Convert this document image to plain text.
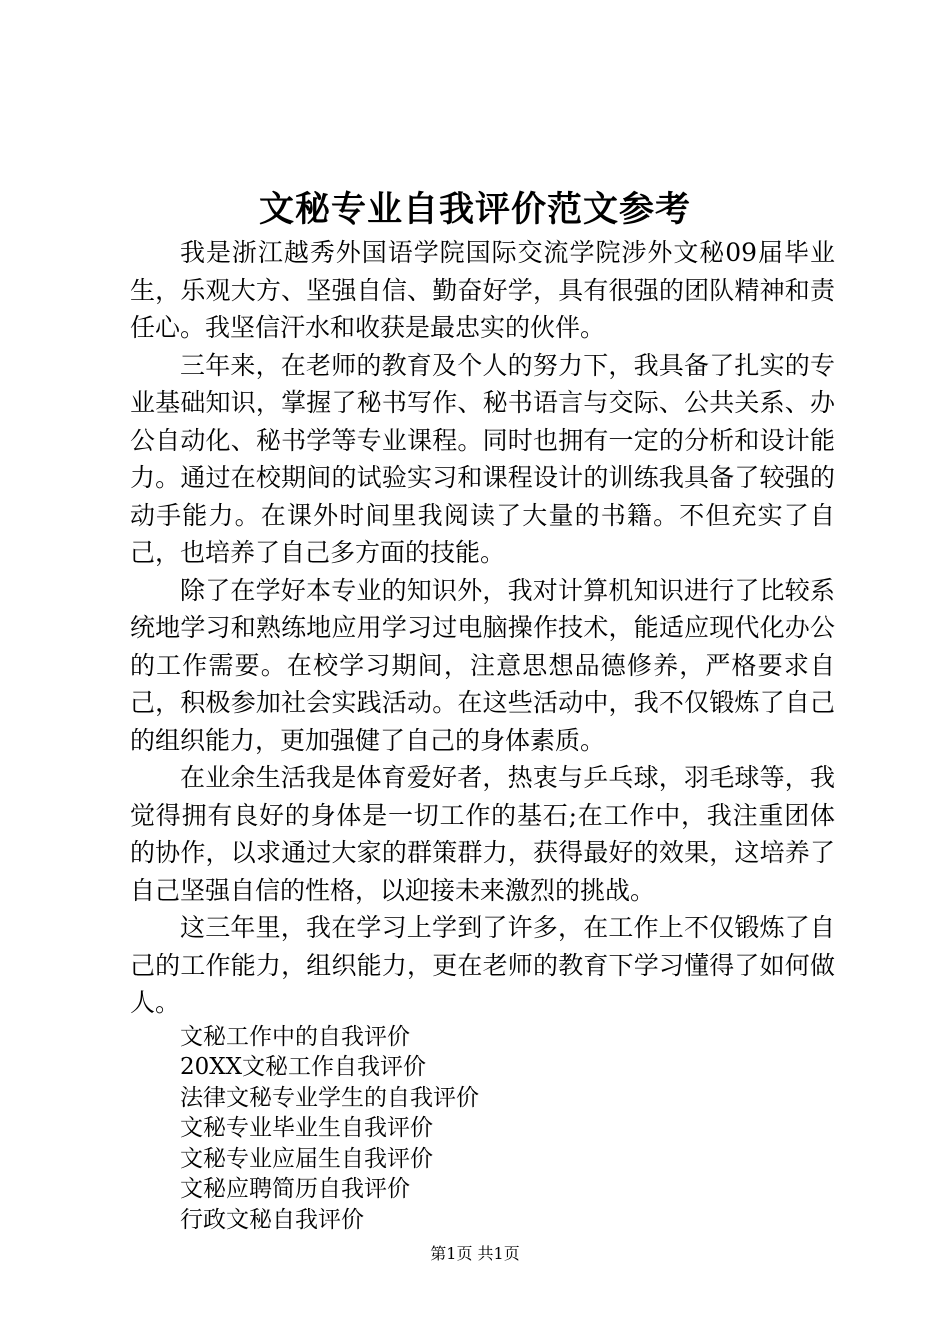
文秘专业自我评价范文参考

我是浙江越秀外国语学院国际交流学院涉外文秘09届毕业生，乐观大方、坚强自信、勤奋好学，具有很强的团队精神和责任心。我坚信汗水和收获是最忠实的伙伴。

三年来，在老师的教育及个人的努力下，我具备了扎实的专业基础知识，掌握了秘书写作、秘书语言与交际、公共关系、办公自动化、秘书学等专业课程。同时也拥有一定的分析和设计能力。通过在校期间的试验实习和课程设计的训练我具备了较强的动手能力。在课外时间里我阅读了大量的书籍。不但充实了自己，也培养了自己多方面的技能。

除了在学好本专业的知识外，我对计算机知识进行了比较系统地学习和熟练地应用学习过电脑操作技术，能适应现代化办公的工作需要。在校学习期间，注意思想品德修养，严格要求自己，积极参加社会实践活动。在这些活动中，我不仅锻炼了自己的组织能力，更加强健了自己的身体素质。

在业余生活我是体育爱好者，热衷与乒乓球，羽毛球等，我觉得拥有良好的身体是一切工作的基石;在工作中，我注重团体的协作，以求通过大家的群策群力，获得最好的效果，这培养了自己坚强自信的性格，以迎接未来激烈的挑战。

这三年里，我在学习上学到了许多，在工作上不仅锻炼了自己的工作能力，组织能力，更在老师的教育下学习懂得了如何做人。

文秘工作中的自我评价
20XX文秘工作自我评价
法律文秘专业学生的自我评价
文秘专业毕业生自我评价
文秘专业应届生自我评价
文秘应聘简历自我评价
行政文秘自我评价
第1页 共1页
